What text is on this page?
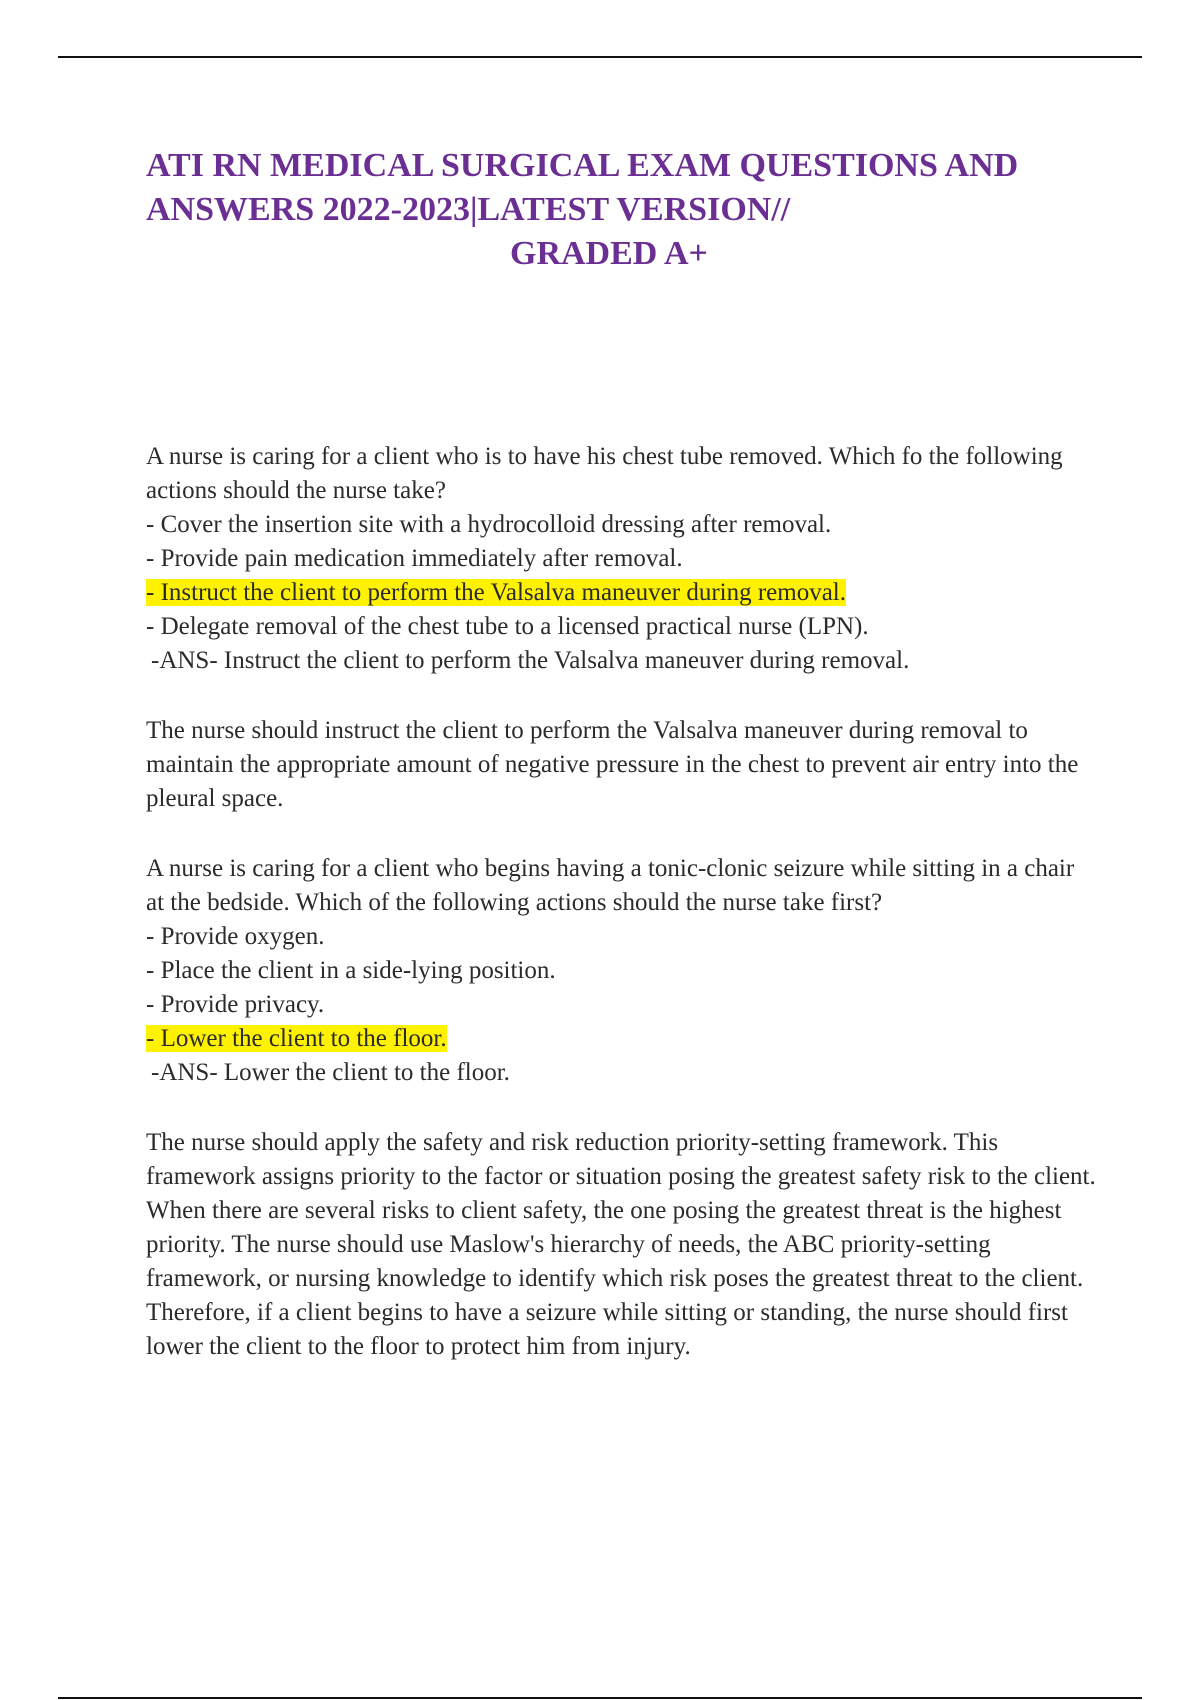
ATI RN MEDICAL SURGICAL EXAM QUESTIONS AND
ANSWERS 2022-2023|LATEST VERSION//
GRADED A+

A nurse is caring for a client who is to have his chest tube removed. Which fo the following actions should the nurse take?

- Cover the insertion site with a hydrocolloid dressing after removal.
- Provide pain medication immediately after removal.
- Instruct the client to perform the Valsalva maneuver during removal.
- Delegate removal of the chest tube to a licensed practical nurse (LPN).
-ANS- Instruct the client to perform the Valsalva maneuver during removal.

The nurse should instruct the client to perform the Valsalva maneuver during removal to maintain the appropriate amount of negative pressure in the chest to prevent air entry into the pleural space.

A nurse is caring for a client who begins having a tonic-clonic seizure while sitting in a chair at the bedside. Which of the following actions should the nurse take first?

- Provide oxygen.
- Place the client in a side-lying position.
- Provide privacy.
- Lower the client to the floor.
-ANS- Lower the client to the floor.

The nurse should apply the safety and risk reduction priority-setting framework. This framework assigns priority to the factor or situation posing the greatest safety risk to the client. When there are several risks to client safety, the one posing the greatest threat is the highest priority. The nurse should use Maslow's hierarchy of needs, the ABC priority-setting framework, or nursing knowledge to identify which risk poses the greatest threat to the client. Therefore, if a client begins to have a seizure while sitting or standing, the nurse should first lower the client to the floor to protect him from injury.
